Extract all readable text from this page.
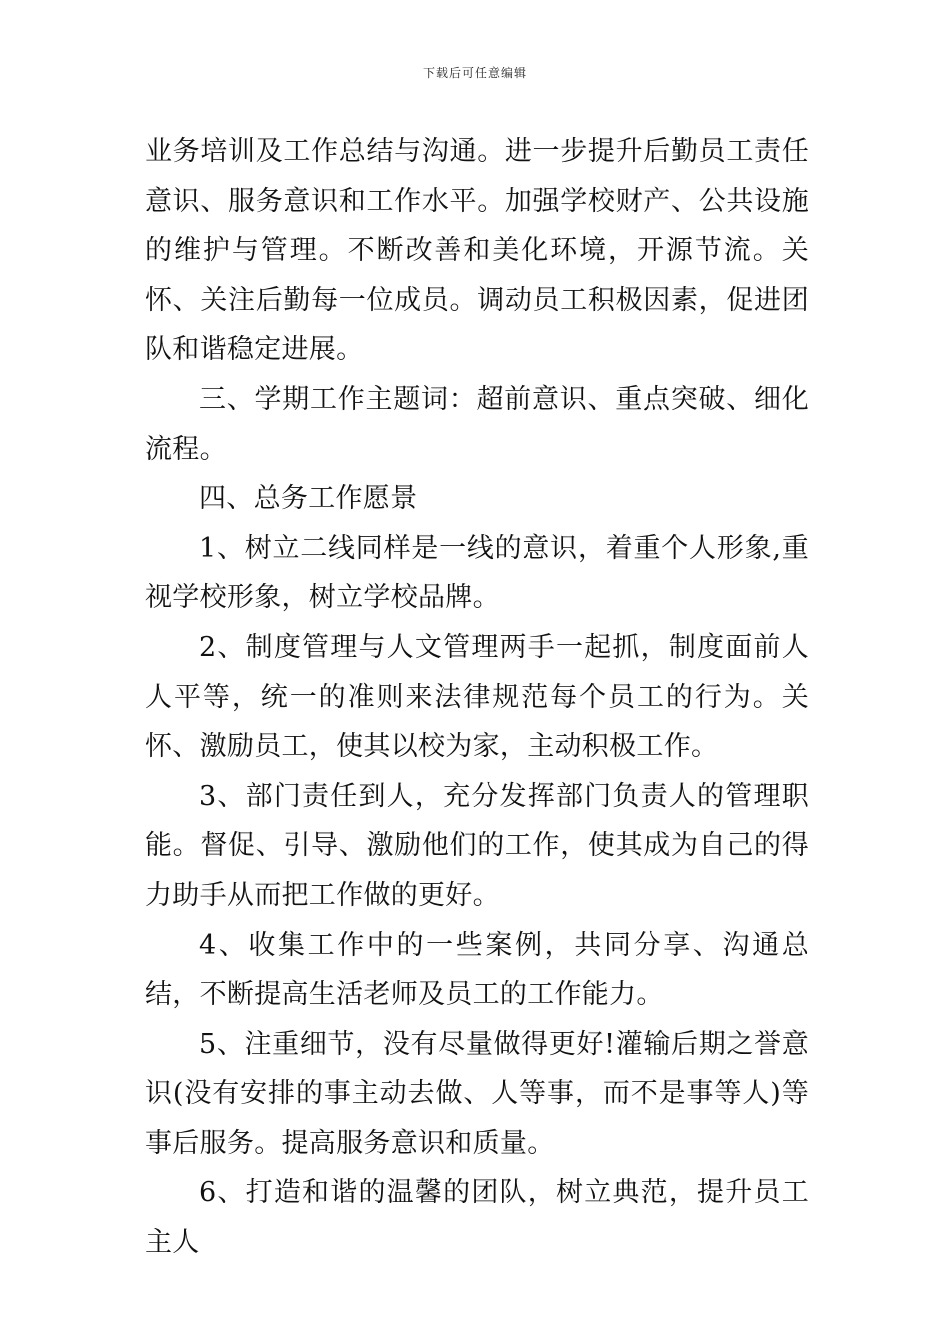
下载后可任意编辑

业务培训及工作总结与沟通。进一步提升后勤员工责任意识、服务意识和工作水平。加强学校财产、公共设施的维护与管理。不断改善和美化环境，开源节流。关怀、关注后勤每一位成员。调动员工积极因素，促进团队和谐稳定进展。

三、学期工作主题词：超前意识、重点突破、细化流程。

四、总务工作愿景

1、树立二线同样是一线的意识，着重个人形象,重视学校形象，树立学校品牌。

2、制度管理与人文管理两手一起抓，制度面前人人平等，统一的准则来法律规范每个员工的行为。关怀、激励员工，使其以校为家，主动积极工作。

3、部门责任到人，充分发挥部门负责人的管理职能。督促、引导、激励他们的工作，使其成为自己的得力助手从而把工作做的更好。

4、收集工作中的一些案例，共同分享、沟通总结，不断提高生活老师及员工的工作能力。

5、注重细节，没有尽量做得更好!灌输后期之誉意识(没有安排的事主动去做、人等事，而不是事等人)等事后服务。提高服务意识和质量。

6、打造和谐的温馨的团队，树立典范，提升员工主人
